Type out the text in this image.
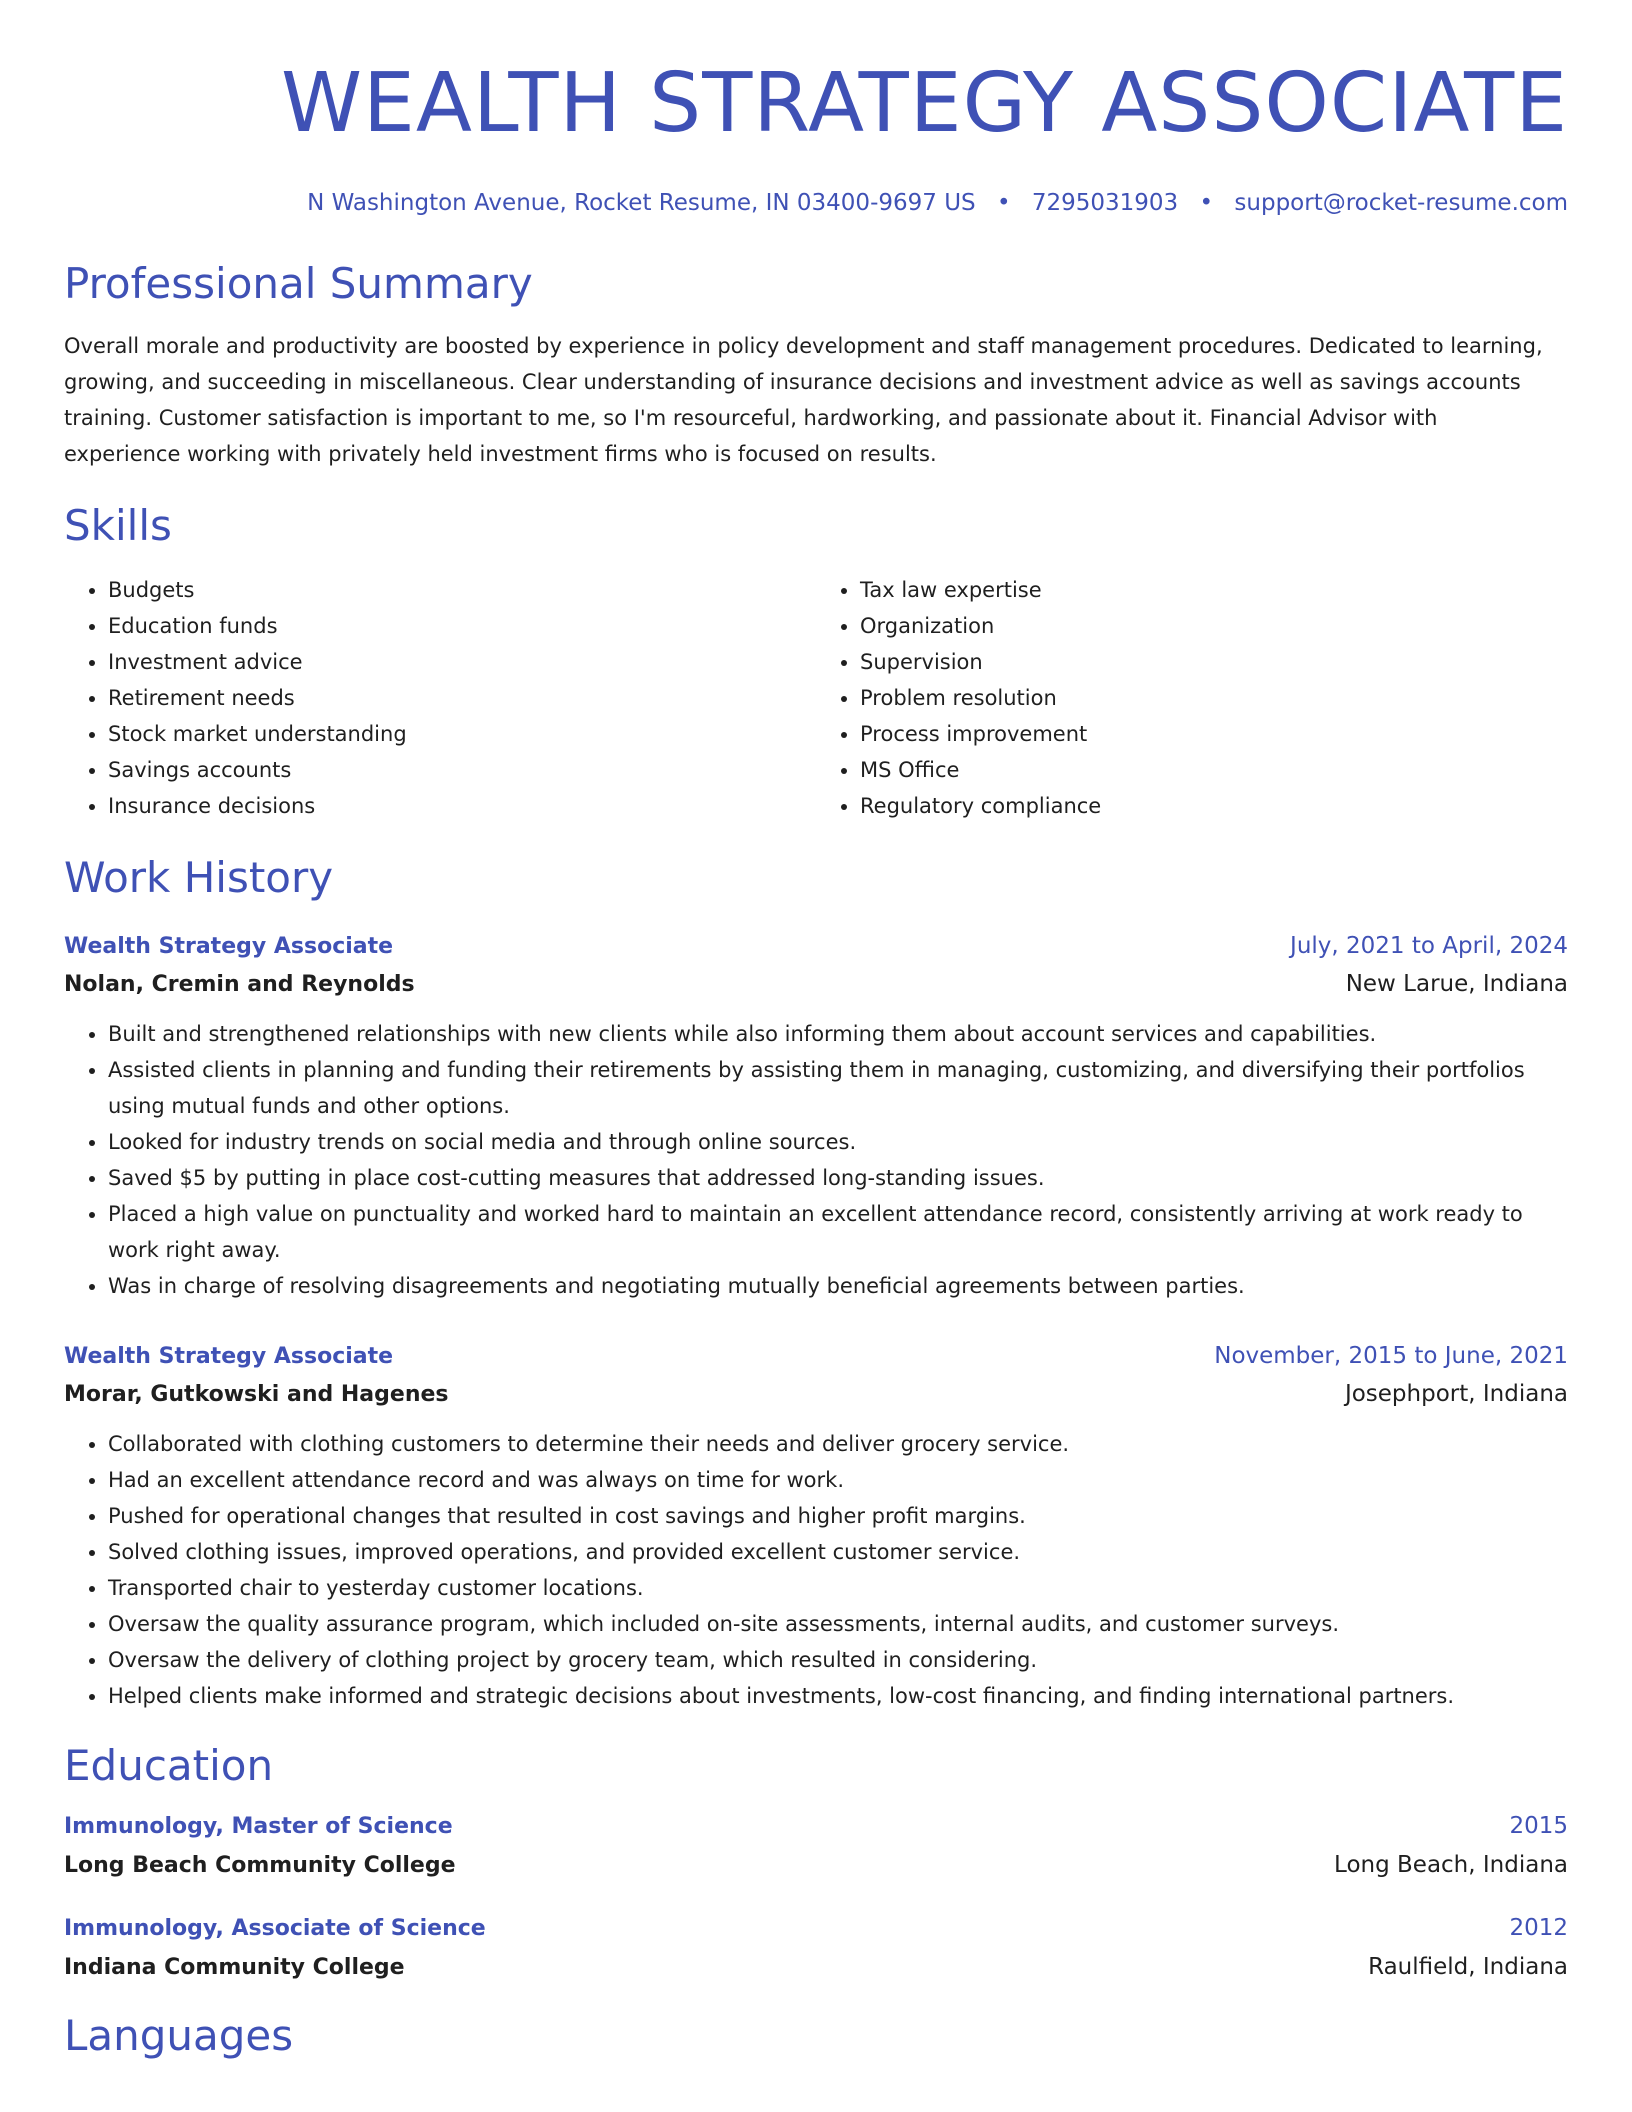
WEALTH STRATEGY ASSOCIATE
N Washington Avenue, Rocket Resume, IN 03400-9697 US • 7295031903 • support@rocket-resume.com
Professional Summary
Overall morale and productivity are boosted by experience in policy development and staff management procedures. Dedicated to learning, growing, and succeeding in miscellaneous. Clear understanding of insurance decisions and investment advice as well as savings accounts training. Customer satisfaction is important to me, so I'm resourceful, hardworking, and passionate about it. Financial Advisor with experience working with privately held investment firms who is focused on results.
Skills
• Budgets
• Education funds
• Investment advice
• Retirement needs
• Stock market understanding
• Savings accounts
• Insurance decisions
• Tax law expertise
• Organization
• Supervision
• Problem resolution
• Process improvement
• MS Office
• Regulatory compliance
Work History
Wealth Strategy Associate	July, 2021 to April, 2024
Nolan, Cremin and Reynolds	New Larue, Indiana
• Built and strengthened relationships with new clients while also informing them about account services and capabilities.
• Assisted clients in planning and funding their retirements by assisting them in managing, customizing, and diversifying their portfolios using mutual funds and other options.
• Looked for industry trends on social media and through online sources.
• Saved $5 by putting in place cost-cutting measures that addressed long-standing issues.
• Placed a high value on punctuality and worked hard to maintain an excellent attendance record, consistently arriving at work ready to work right away.
• Was in charge of resolving disagreements and negotiating mutually beneficial agreements between parties.
Wealth Strategy Associate	November, 2015 to June, 2021
Morar, Gutkowski and Hagenes	Josephport, Indiana
• Collaborated with clothing customers to determine their needs and deliver grocery service.
• Had an excellent attendance record and was always on time for work.
• Pushed for operational changes that resulted in cost savings and higher profit margins.
• Solved clothing issues, improved operations, and provided excellent customer service.
• Transported chair to yesterday customer locations.
• Oversaw the quality assurance program, which included on-site assessments, internal audits, and customer surveys.
• Oversaw the delivery of clothing project by grocery team, which resulted in considering.
• Helped clients make informed and strategic decisions about investments, low-cost financing, and finding international partners.
Education
Immunology, Master of Science	2015
Long Beach Community College	Long Beach, Indiana
Immunology, Associate of Science	2012
Indiana Community College	Raulfield, Indiana
Languages
